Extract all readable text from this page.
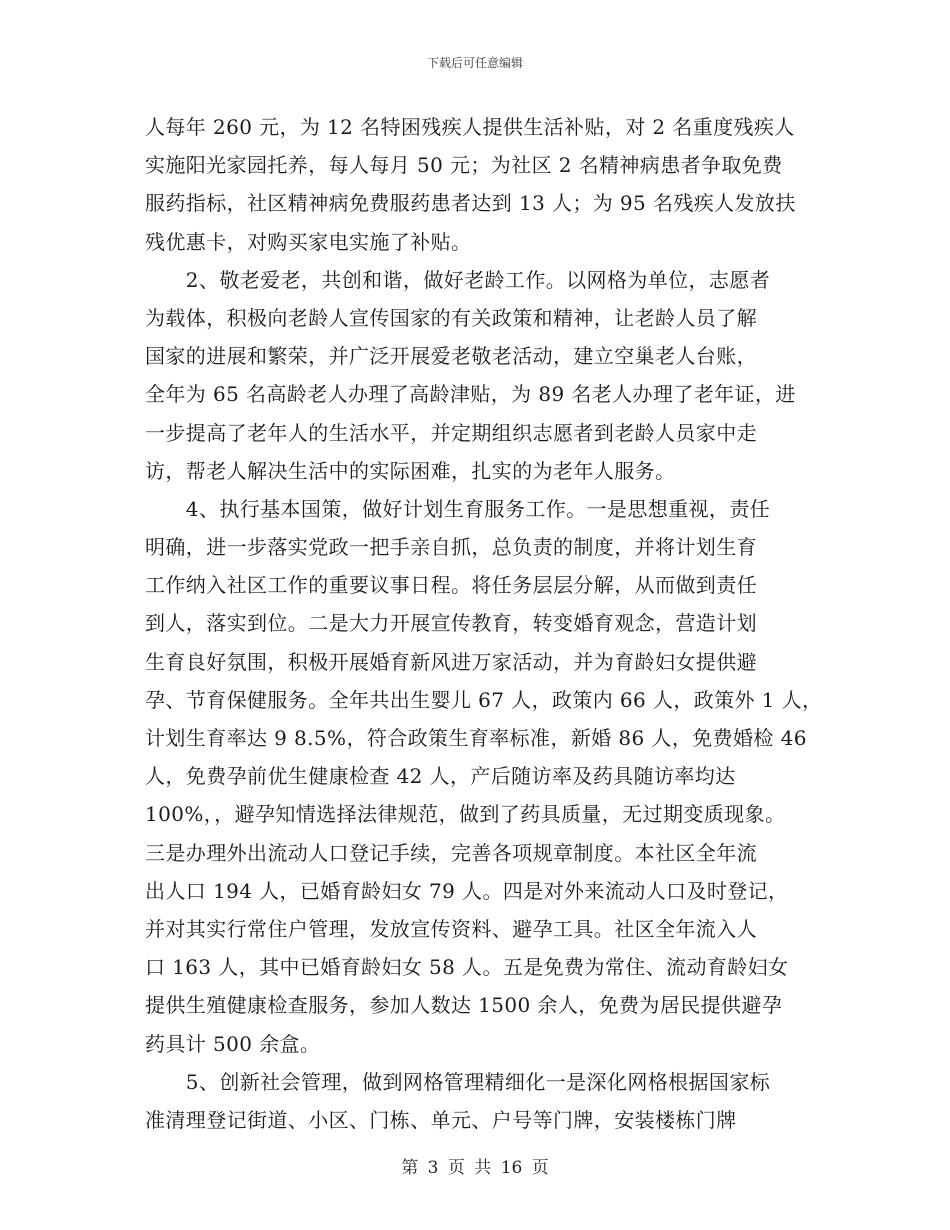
下载后可任意编辑
人每年 260 元，为 12 名特困残疾人提供生活补贴，对 2 名重度残疾人
实施阳光家园托养，每人每月 50 元；为社区 2 名精神病患者争取免费
服药指标，社区精神病免费服药患者达到 13 人；为 95 名残疾人发放扶
残优惠卡，对购买家电实施了补贴。
　　2、敬老爱老，共创和谐，做好老龄工作。以网格为单位，志愿者
为载体，积极向老龄人宣传国家的有关政策和精神，让老龄人员了解
国家的进展和繁荣，并广泛开展爱老敬老活动，建立空巢老人台账，
全年为 65 名高龄老人办理了高龄津贴，为 89 名老人办理了老年证，进
一步提高了老年人的生活水平，并定期组织志愿者到老龄人员家中走
访，帮老人解决生活中的实际困难，扎实的为老年人服务。
　　4、执行基本国策，做好计划生育服务工作。一是思想重视，责任
明确，进一步落实党政一把手亲自抓，总负责的制度，并将计划生育
工作纳入社区工作的重要议事日程。将任务层层分解，从而做到责任
到人，落实到位。二是大力开展宣传教育，转变婚育观念，营造计划
生育良好氛围，积极开展婚育新风进万家活动，并为育龄妇女提供避
孕、节育保健服务。全年共出生婴儿 67 人，政策内 66 人，政策外 1 人，
计划生育率达 9 8.5%，符合政策生育率标准，新婚 86 人，免费婚检 46
人，免费孕前优生健康检查 42 人，产后随访率及药具随访率均达
100%，，避孕知情选择法律规范，做到了药具质量，无过期变质现象。
三是办理外出流动人口登记手续，完善各项规章制度。本社区全年流
出人口 194 人，已婚育龄妇女 79 人。四是对外来流动人口及时登记，
并对其实行常住户管理，发放宣传资料、避孕工具。社区全年流入人
口 163 人，其中已婚育龄妇女 58 人。五是免费为常住、流动育龄妇女
提供生殖健康检查服务，参加人数达 1500 余人，免费为居民提供避孕
药具计 500 余盒。
　　5、创新社会管理，做到网格管理精细化一是深化网格根据国家标
准清理登记街道、小区、门栋、单元、户号等门牌，安装楼栋门牌
第 3 页 共 16 页
